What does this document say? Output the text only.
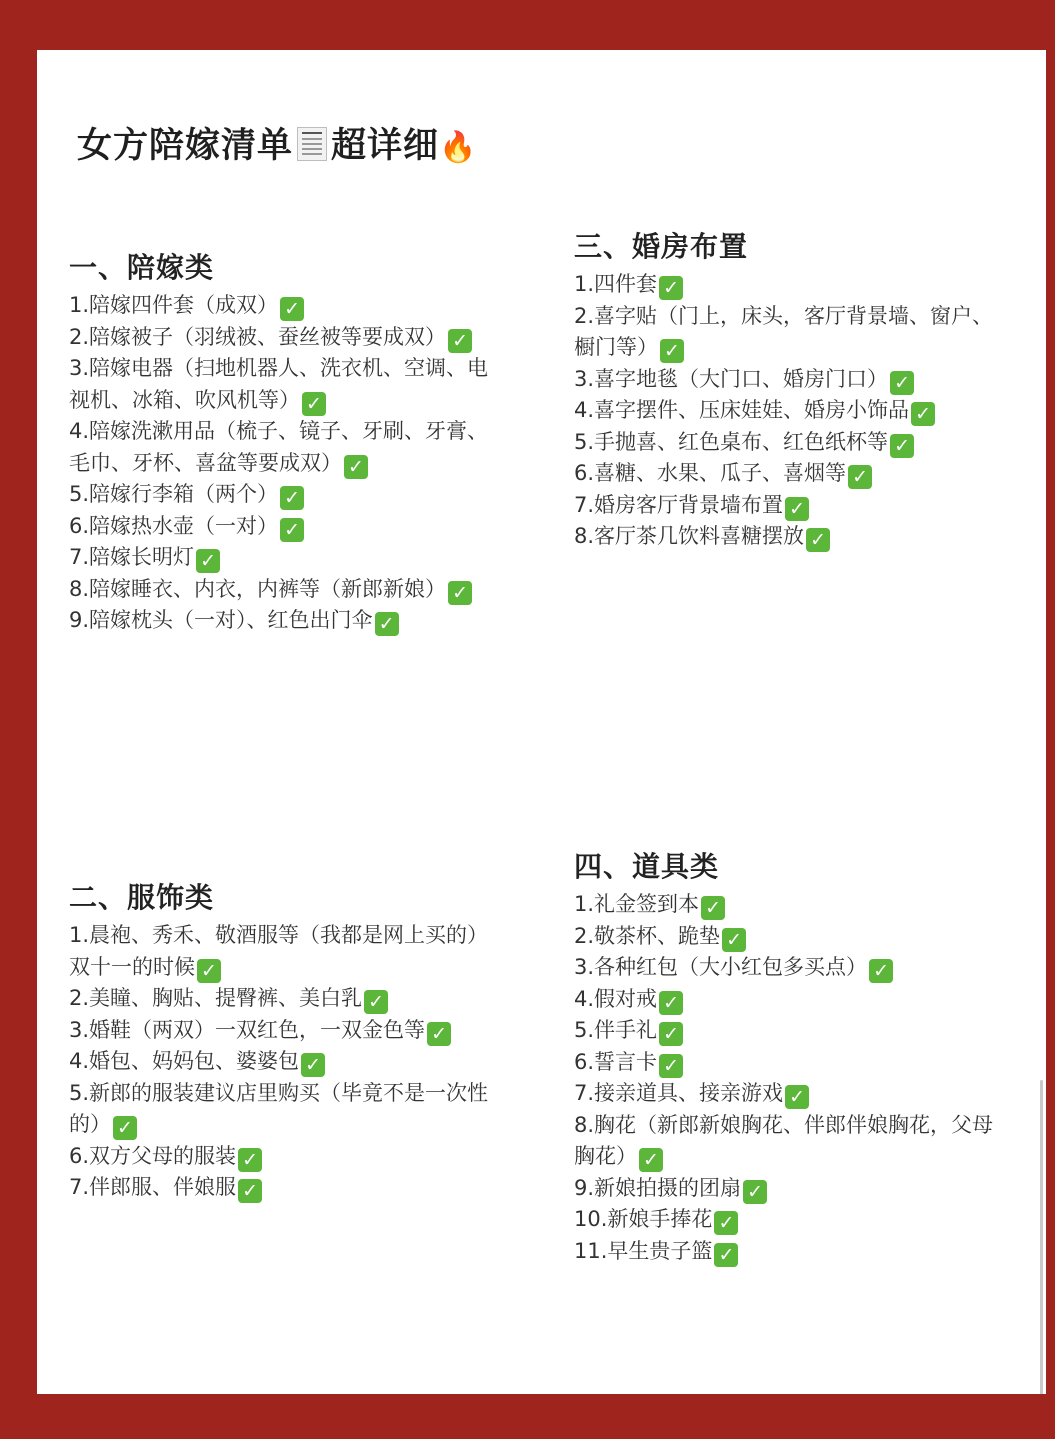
女方陪嫁清单 超详细🔥
一、陪嫁类
1.陪嫁四件套（成双） ✓
2.陪嫁被子（羽绒被、蚕丝被等要成双） ✓
3.陪嫁电器（扫地机器人、洗衣机、空调、电视机、冰箱、吹风机等） ✓
4.陪嫁洗漱用品（梳子、镜子、牙刷、牙膏、毛巾、牙杯、喜盆等要成双） ✓
5.陪嫁行李箱（两个） ✓
6.陪嫁热水壶（一对） ✓
7.陪嫁长明灯 ✓
8.陪嫁睡衣、内衣，内裤等（新郎新娘） ✓
9.陪嫁枕头（一对）、红色出门伞 ✓
二、服饰类
1.晨袍、秀禾、敬酒服等（我都是网上买的）双十一的时候 ✓
2.美瞳、胸贴、提臀裤、美白乳 ✓
3.婚鞋（两双）一双红色，一双金色等 ✓
4.婚包、妈妈包、婆婆包 ✓
5.新郎的服装建议店里购买（毕竟不是一次性的） ✓
6.双方父母的服装 ✓
7.伴郎服、伴娘服 ✓
三、婚房布置
1.四件套 ✓
2.喜字贴（门上，床头，客厅背景墙、窗户、橱门等） ✓
3.喜字地毯（大门口、婚房门口） ✓
4.喜字摆件、压床娃娃、婚房小饰品 ✓
5.手抛喜、红色桌布、红色纸杯等 ✓
6.喜糖、水果、瓜子、喜烟等 ✓
7.婚房客厅背景墙布置 ✓
8.客厅茶几饮料喜糖摆放 ✓
四、道具类
1.礼金签到本 ✓
2.敬茶杯、跪垫 ✓
3.各种红包（大小红包多买点） ✓
4.假对戒 ✓
5.伴手礼 ✓
6.誓言卡 ✓
7.接亲道具、接亲游戏 ✓
8.胸花（新郎新娘胸花、伴郎伴娘胸花，父母胸花） ✓
9.新娘拍摄的团扇 ✓
10.新娘手捧花 ✓
11.早生贵子篮 ✓
